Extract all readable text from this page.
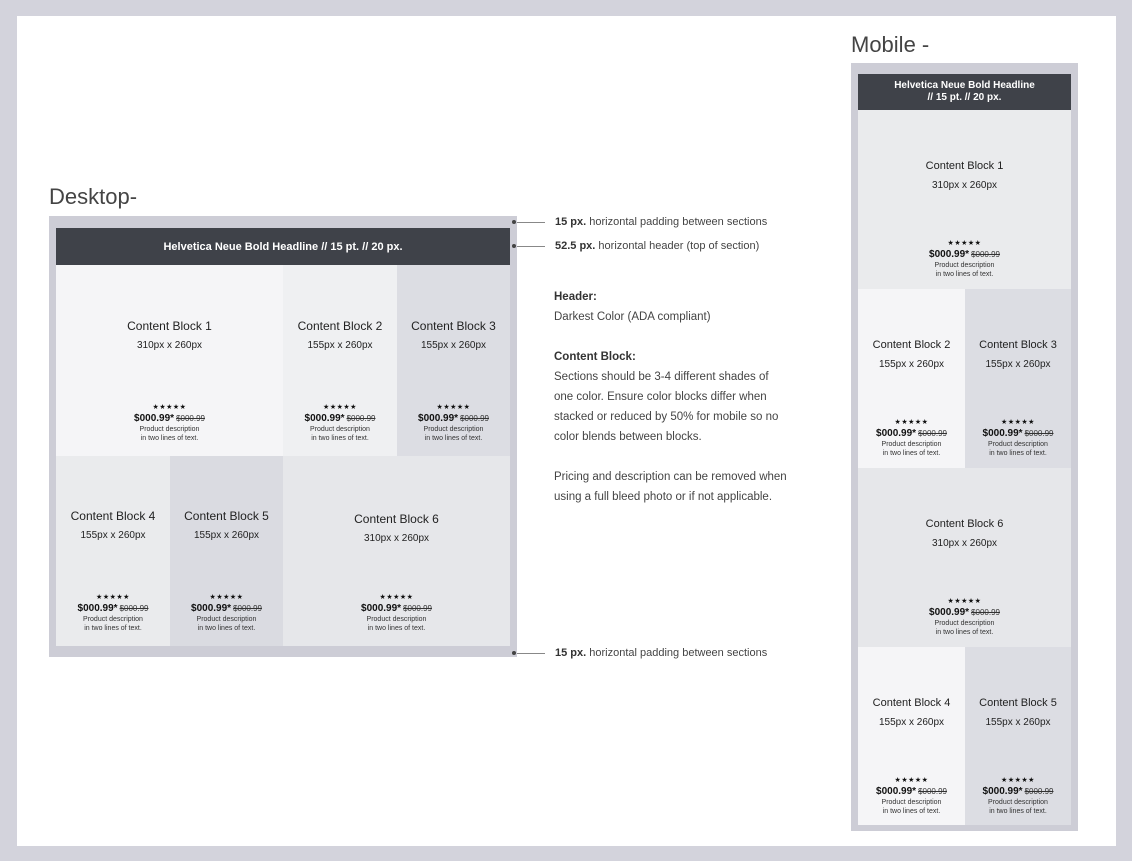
Desktop-
Helvetica Neue Bold Headline // 15 pt. // 20 px.
Content Block 1
310px x 260px
★★★★★
$000.99* $000.99
Product description
in two lines of text.
Content Block 2
155px x 260px
★★★★★
$000.99* $000.99
Product description
in two lines of text.
Content Block 3
155px x 260px
★★★★★
$000.99* $000.99
Product description
in two lines of text.
Content Block 4
155px x 260px
★★★★★
$000.99* $000.99
Product description
in two lines of text.
Content Block 5
155px x 260px
★★★★★
$000.99* $000.99
Product description
in two lines of text.
Content Block 6
310px x 260px
★★★★★
$000.99* $000.99
Product description
in two lines of text.
15 px. horizontal padding between sections
52.5 px. horizontal header (top of section)
15 px. horizontal padding between sections
Header:
Darkest Color (ADA compliant)
Content Block:
Sections should be 3-4 different shades of
one color. Ensure color blocks differ when
stacked or reduced by 50% for mobile so no
color blends between blocks.
Pricing and description can be removed when
using a full bleed photo or if not applicable.
Mobile -
Helvetica Neue Bold Headline
// 15 pt. // 20 px.
Content Block 1
310px x 260px
★★★★★
$000.99* $000.99
Product description
in two lines of text.
Content Block 2
155px x 260px
★★★★★
$000.99* $000.99
Product description
in two lines of text.
Content Block 3
155px x 260px
★★★★★
$000.99* $000.99
Product description
in two lines of text.
Content Block 6
310px x 260px
★★★★★
$000.99* $000.99
Product description
in two lines of text.
Content Block 4
155px x 260px
★★★★★
$000.99* $000.99
Product description
in two lines of text.
Content Block 5
155px x 260px
★★★★★
$000.99* $000.99
Product description
in two lines of text.
